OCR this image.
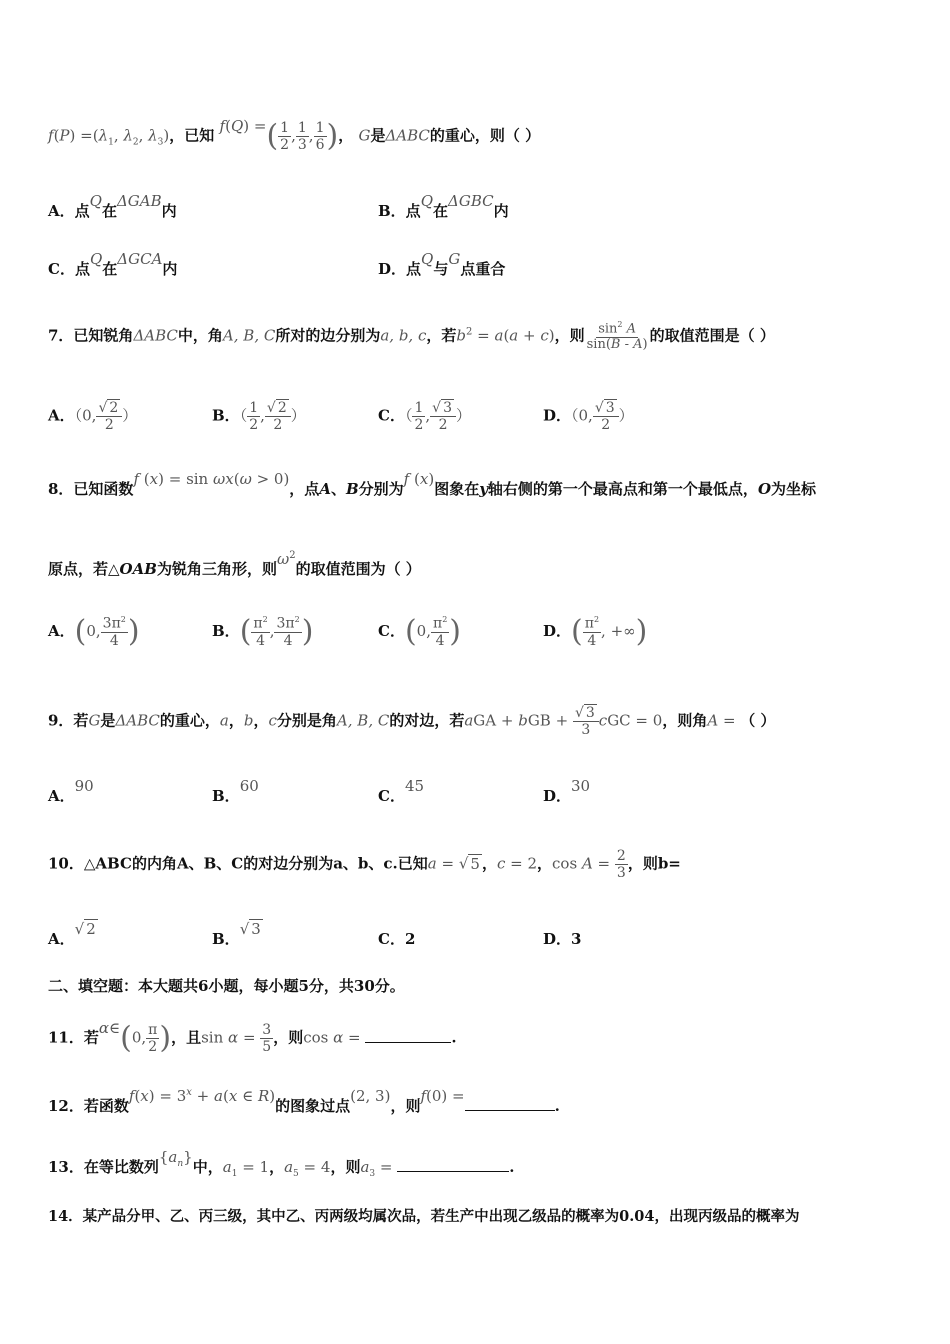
$f(P) =(\lambda_1$, $\lambda_2$, $\lambda_3$)，已知 f(Q) =( $\frac{1}{2}$ , $\frac{1}{3}$ , $\frac{1}{6}$ )， G是ΔABC的重心，则（ ）
A．点Q在ΔGAB内	B．点Q在ΔGBC内
C．点Q在ΔGCA内	D．点Q与G点重合
7．已知锐角ΔABC中，角A, B, C所对的边分别为a, b, c，若$b^2 = a(a + c)$，则 $\frac{\sin^2 A}{\sin(B - A)}$ 的取值范围是（ ）
A．（0, $\frac{√ 2}{2}$ ）	B．（ $\frac{1}{2}$ , $\frac{√ 2}{2}$ ）	C．（ $\frac{1}{2}$ , $\frac{√ 3}{2}$ ）	D．（0, $\frac{√ 3}{2}$ ）
8．已知函数f (x) = sin ωx(ω > 0)，点A、B分别为f (x)图象在y轴右侧的第一个最高点和第一个最低点，O为坐标
原点，若△OAB为锐角三角形，则$\omega^2$的取值范围为（ ）
A．(0, $\frac{3\pi^2}{4}$ )	B．( $\frac{\pi^2}{4}$ , $\frac{3\pi^2}{4}$ )	C．(0, $\frac{\pi^2}{4}$ )	D．( $\frac{\pi^2}{4}$ , +∞)
9．若G是ΔABC的重心，a，b，c分别是角A, B, C的对边，若aGA + bGB + $\frac{√ 3}{3}$ cGC = 0，则角A = （ ）
A．90
B．60
C．45
D．30
10．△ABC的内角A、B、C的对边分别为a、b、c.已知a = √ 5 ，c = 2，$\cos A = \frac{2}{3}$ ，则b=
A．√ 2
B．√ 3
C．2	D．3
二、填空题：本大题共6小题，每小题5分，共30分。
11．若α∈(0, $\frac{\pi}{2}$ )，且$\sin \alpha = \frac{3}{5}$ ，则cos α =	.
12．若函数$f(x) = 3^x + a(x$ ∈ R)的图象过点(2, 3)，则f(0) =.
13．在等比数列$\{a_n\}$中，$a_1 = 1$，$a_5 = 4$，则$a_3$ =	.
14．某产品分甲、乙、丙三级，其中乙、丙两级均属次品，若生产中出现乙级品的概率为0.04，出现丙级品的概率为
